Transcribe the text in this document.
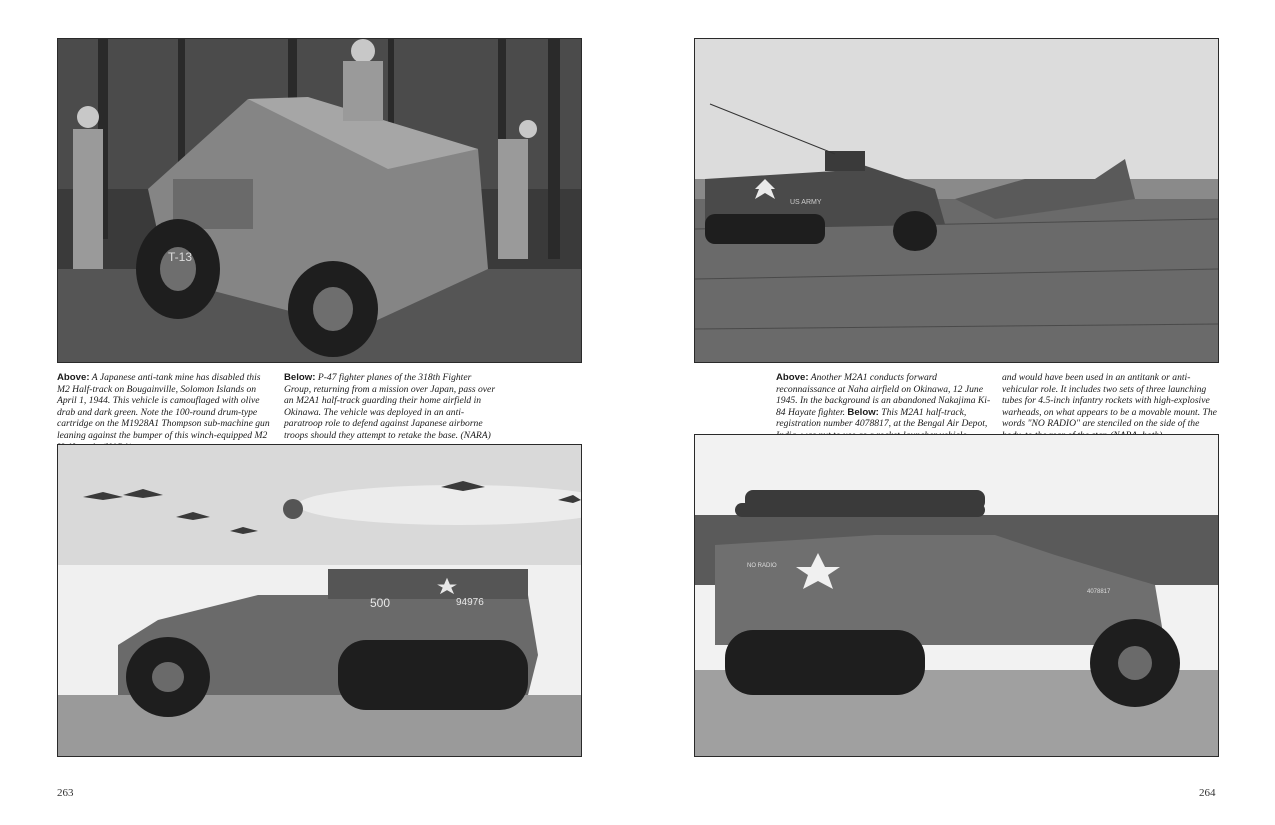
T-13
US ARMY

Above: A Japanese anti-tank mine has disabled this M2 Half-track on Bougainville, Solomon Islands on April 1, 1944. This vehicle is camouflaged with olive drab and dark green. Note the 100-round drum-type cartridge on the M1928A1 Thompson sub-machine gun leaning against the bumper of this winch-equipped M2

Below: P-47 fighter planes of the 318th Fighter Group, returning from a mission over Japan, pass over an M2A1 half-track guarding their home airfield in Okinawa. The vehicle was deployed in an anti-paratroop role to defend against Japanese airborne troops should they attempt to retake the base. (NARA)

Above: Another M2A1 conducts forward reconnaissance at Naha airfield on Okinawa, 12 June 1945. In the background is an abandoned Nakajima Ki-84 Hayate fighter. Below: This M2A1 half-track, registration number 4078817, at the Bengal Air Depot,

and would have been used in an antitank or anti-vehicular role. It includes two sets of three launching tubes for 4.5-inch infantry rockets with high-explosive warheads, on what appears to be a movable mount. The words "NO RADIO" are stenciled on the side of the

500	94976
NO RADIO
4078817
263	264
